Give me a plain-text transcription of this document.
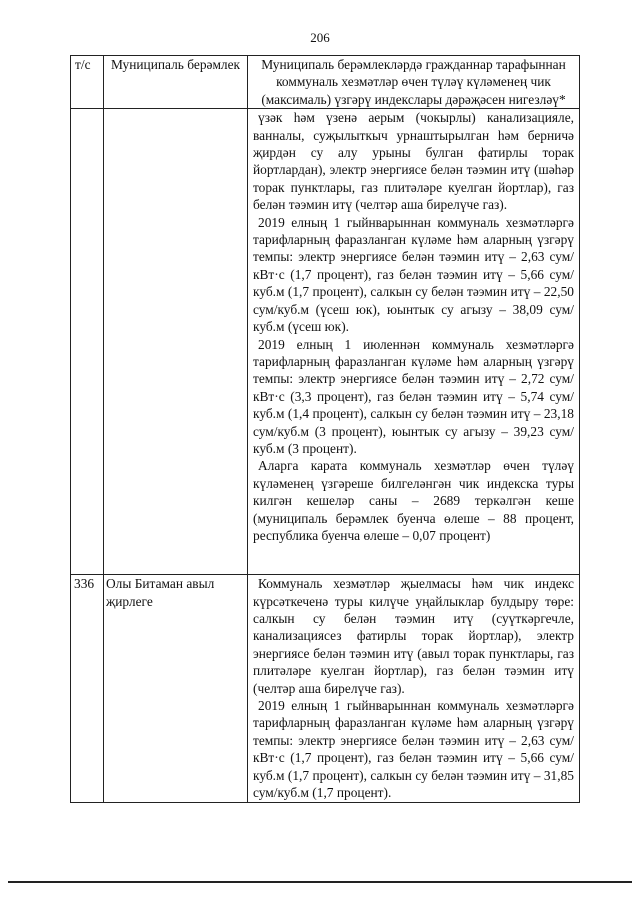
206
т/с	Муниципаль берәмлек	Муниципаль берәмлекләрдә гражданнар тарафыннан коммуналь хезмәтләр өчен түләү күләменең чик (максималь) үзгәрү индекслары дәрәҗәсен нигезләү*

		үзәк һәм үзенә аерым (чокырлы) канализацияле, ванналы, суҗылыткыч урнаштырылган һәм берничә җирдән су алу урыны булган фатирлы торак йортлардан), электр энергиясе белән тәэмин итү (шәһәр торак пунктлары, газ плитәләре куелган йортлар), газ белән тәэмин итү (челтәр аша бирелүче газ).

2019 елның 1 гыйнварыннан коммуналь хезмәтләргә тарифларның фаразланган күләме һәм аларның үзгәрү темпы: электр энергиясе белән тәэмин итү – 2,63 сум/кВт·с (1,7 процент), газ белән тәэмин итү – 5,66 сум/куб.м (1,7 процент), салкын су белән тәэмин итү – 22,50 сум/куб.м (үсеш юк), юынтык су агызу – 38,09 сум/куб.м (үсеш юк).

2019 елның 1 июленнән коммуналь хезмәтләргә тарифларның фаразланган күләме һәм аларның үзгәрү темпы: электр энергиясе белән тәэмин итү – 2,72 сум/кВт·с (3,3 процент), газ белән тәэмин итү – 5,74 сум/куб.м (1,4 процент), салкын су белән тәэмин итү – 23,18 сум/куб.м (3 процент), юынтык су агызу – 39,23 сум/куб.м (3 процент).

Аларга карата коммуналь хезмәтләр өчен түләү күләменең үзгәреше билгеләнгән чик индекска туры килгән кешеләр саны – 2689 теркәлгән кеше (муниципаль берәмлек буенча өлеше – 88 процент, республика буенча өлеше – 0,07 процент)

336	Олы Битаман авыл җирлеге	Коммуналь хезмәтләр җыелмасы һәм чик индекс күрсәткеченә туры килүче уңайлыклар булдыру төре: салкын су белән тәэмин итү (суүткәргечле, канализациясез фатирлы торак йортлар), электр энергиясе белән тәэмин итү (авыл торак пунктлары, газ плитәләре куелган йортлар), газ белән тәэмин итү (челтәр аша бирелүче газ).

2019 елның 1 гыйнварыннан коммуналь хезмәтләргә тарифларның фаразланган күләме һәм аларның үзгәрү темпы: электр энергиясе белән тәэмин итү – 2,63 сум/кВт·с (1,7 процент), газ белән тәэмин итү – 5,66 сум/куб.м (1,7 процент), салкын су белән тәэмин итү – 31,85 сум/куб.м (1,7 процент).
